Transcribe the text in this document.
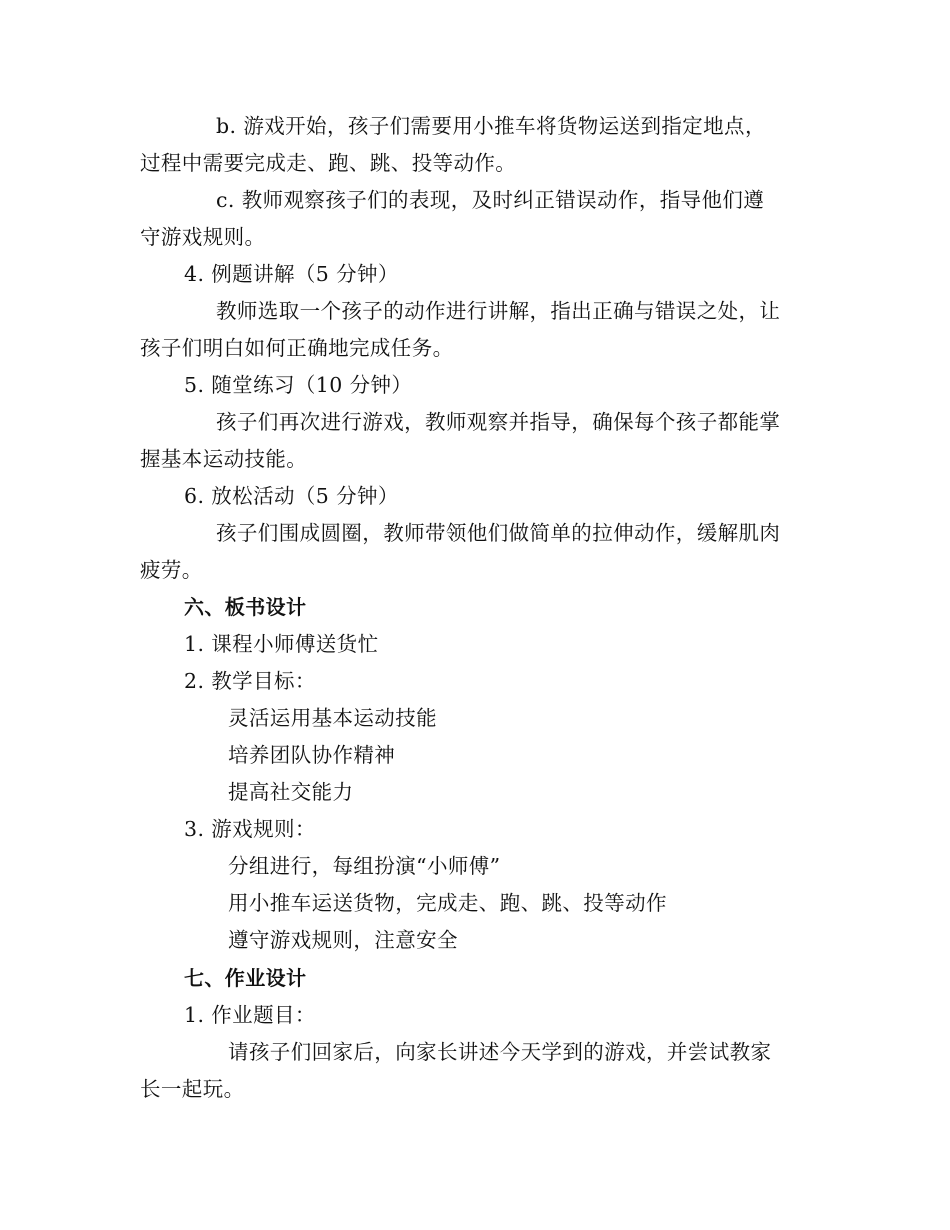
b. 游戏开始，孩子们需要用小推车将货物运送到指定地点，
过程中需要完成走、跑、跳、投等动作。
c. 教师观察孩子们的表现，及时纠正错误动作，指导他们遵
守游戏规则。
4. 例题讲解（5 分钟）
教师选取一个孩子的动作进行讲解，指出正确与错误之处，让
孩子们明白如何正确地完成任务。
5. 随堂练习（10 分钟）
孩子们再次进行游戏，教师观察并指导，确保每个孩子都能掌
握基本运动技能。
6. 放松活动（5 分钟）
孩子们围成圆圈，教师带领他们做简单的拉伸动作，缓解肌肉
疲劳。
六、板书设计
1. 课程小师傅送货忙
2. 教学目标：
灵活运用基本运动技能
培养团队协作精神
提高社交能力
3. 游戏规则：
分组进行，每组扮演“小师傅”
用小推车运送货物，完成走、跑、跳、投等动作
遵守游戏规则，注意安全
七、作业设计
1. 作业题目：
请孩子们回家后，向家长讲述今天学到的游戏，并尝试教家
长一起玩。
